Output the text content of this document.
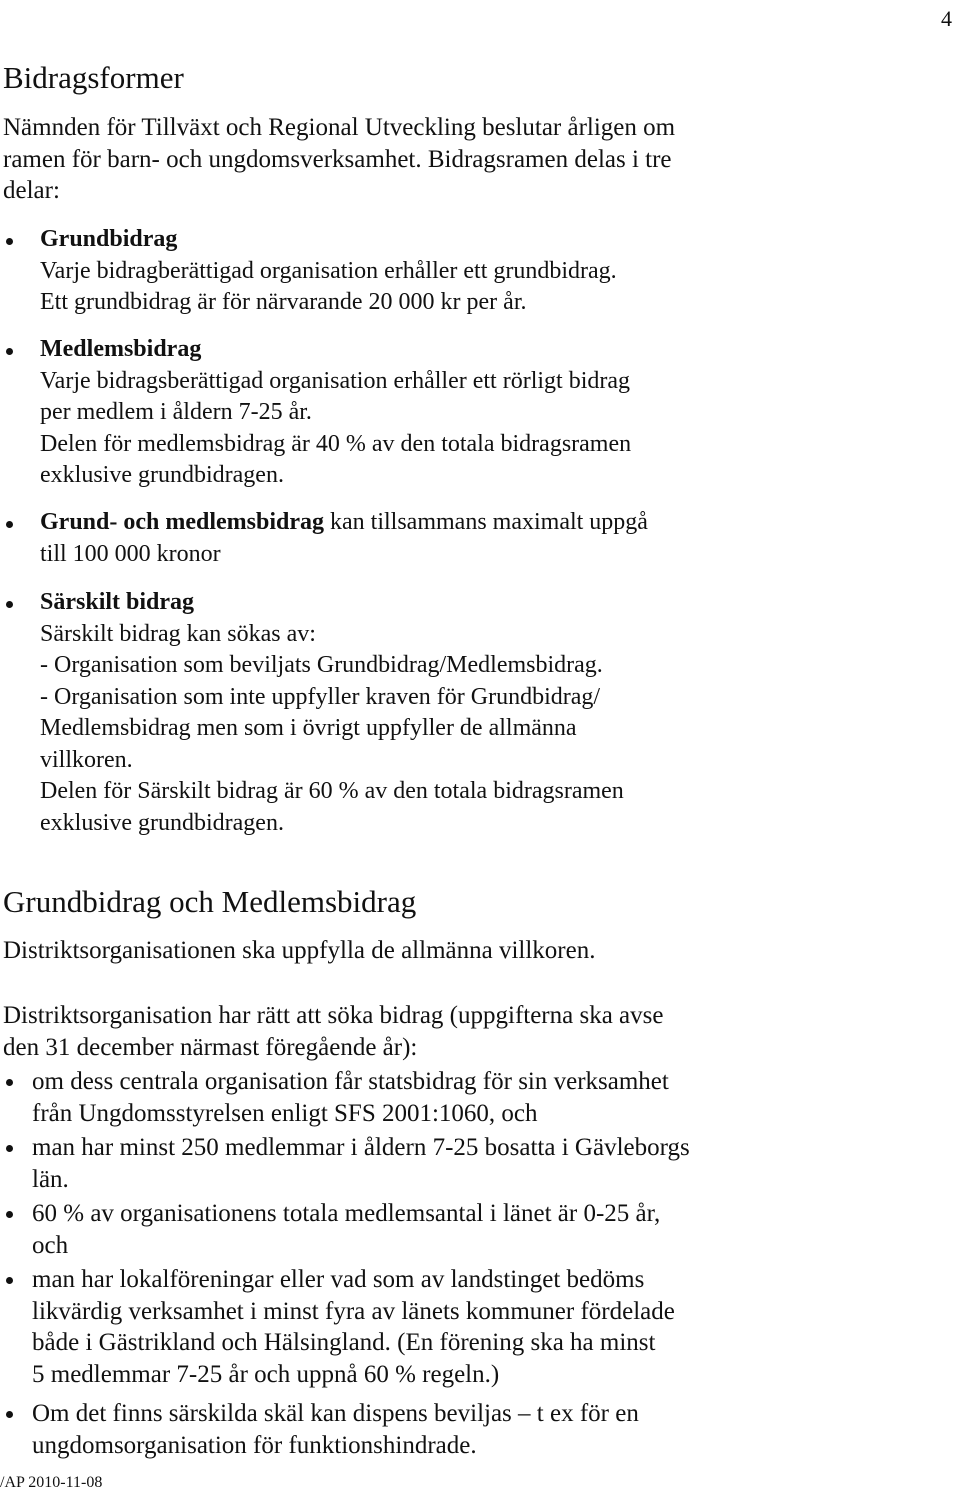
4
Bidragsformer
Nämnden för Tillväxt och Regional Utveckling beslutar årligen om
ramen för barn- och ungdomsverksamhet. Bidragsramen delas i tre
delar:
Grundbidrag
Varje bidragberättigad organisation erhåller ett grundbidrag.
Ett grundbidrag är för närvarande 20 000 kr per år.
Medlemsbidrag
Varje bidragsberättigad organisation erhåller ett rörligt bidrag
per medlem i åldern 7-25 år.
Delen för medlemsbidrag är 40 % av den totala bidragsramen
exklusive grundbidragen.
Grund- och medlemsbidrag kan tillsammans maximalt uppgå
till 100 000 kronor
Särskilt bidrag
Särskilt bidrag kan sökas av:
- Organisation som beviljats Grundbidrag/Medlemsbidrag.
- Organisation som inte uppfyller kraven för Grundbidrag/
Medlemsbidrag men som i övrigt uppfyller de allmänna
villkoren.
Delen för Särskilt bidrag är 60 % av den totala bidragsramen
exklusive grundbidragen.
Grundbidrag och Medlemsbidrag
Distriktsorganisationen ska uppfylla de allmänna villkoren.
Distriktsorganisation har rätt att söka bidrag (uppgifterna ska avse
den 31 december närmast föregående år):
om dess centrala organisation får statsbidrag för sin verksamhet
från Ungdomsstyrelsen enligt SFS 2001:1060, och
man har minst 250 medlemmar i åldern 7-25 bosatta i Gävleborgs
län.
60 % av organisationens totala medlemsantal i länet är 0-25 år,
och
man har lokalföreningar eller vad som av landstinget bedöms
likvärdig verksamhet i minst fyra av länets kommuner fördelade
både i Gästrikland och Hälsingland. (En förening ska ha minst
5 medlemmar 7-25 år och uppnå 60 % regeln.)
Om det finns särskilda skäl kan dispens beviljas – t ex för en
ungdomsorganisation för funktionshindrade.
/AP 2010-11-08
